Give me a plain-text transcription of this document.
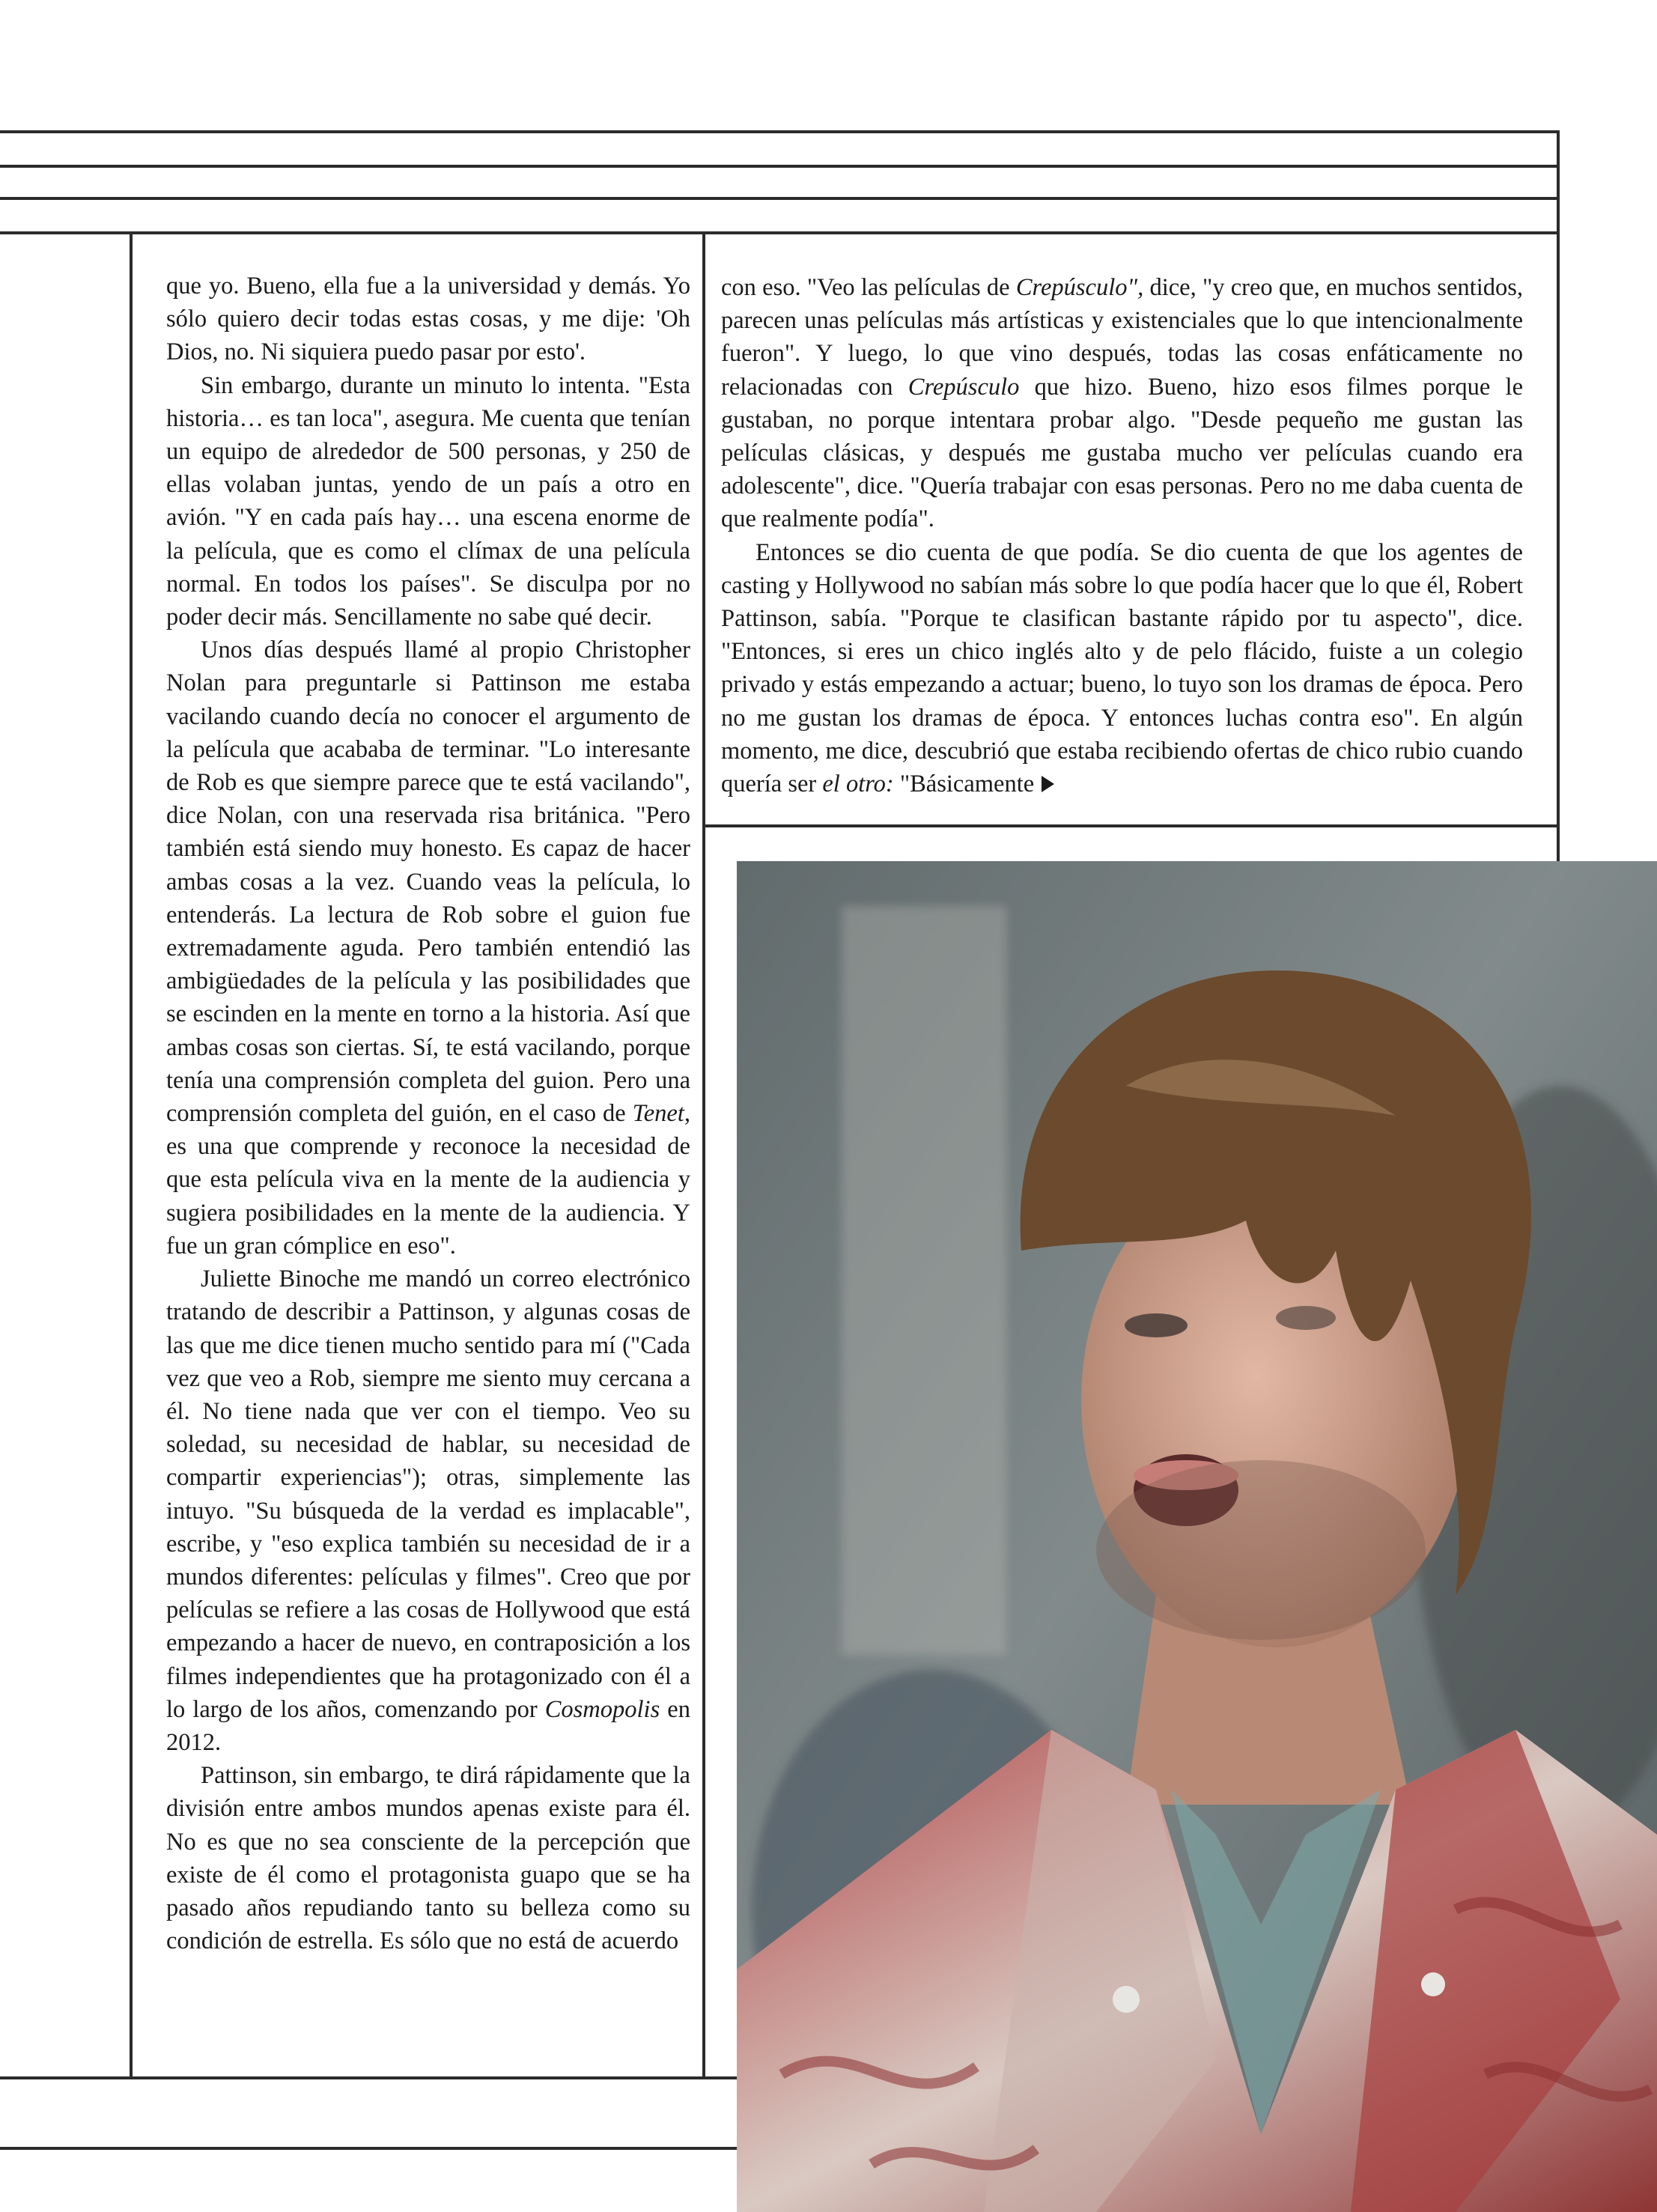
que yo. Bueno, ella fue a la universidad y demás. Yo sólo quiero decir todas estas cosas, y me dije: 'Oh Dios, no. Ni siquiera puedo pasar por esto'.

Sin embargo, durante un minuto lo intenta. "Esta historia… es tan loca", asegura. Me cuenta que tenían un equipo de alrededor de 500 personas, y 250 de ellas volaban juntas, yendo de un país a otro en avión. "Y en cada país hay… una escena enorme de la película, que es como el clímax de una película normal. En todos los países". Se disculpa por no poder decir más. Sencillamente no sabe qué decir.

Unos días después llamé al propio Christopher Nolan para preguntarle si Pattinson me estaba vacilando cuando decía no conocer el argumento de la película que acababa de terminar. "Lo interesante de Rob es que siempre parece que te está vacilando", dice Nolan, con una reservada risa británica. "Pero también está siendo muy honesto. Es capaz de hacer ambas cosas a la vez. Cuando veas la película, lo entenderás. La lectura de Rob sobre el guion fue extremadamente aguda. Pero también entendió las ambigüedades de la película y las posibilidades que se escinden en la mente en torno a la historia. Así que ambas cosas son ciertas. Sí, te está vacilando, porque tenía una comprensión completa del guion. Pero una comprensión completa del guión, en el caso de Tenet, es una que comprende y reconoce la necesidad de que esta película viva en la mente de la audiencia y sugiera posibilidades en la mente de la audiencia. Y fue un gran cómplice en eso".

Juliette Binoche me mandó un correo electrónico tratando de describir a Pattinson, y algunas cosas de las que me dice tienen mucho sentido para mí ("Cada vez que veo a Rob, siempre me siento muy cercana a él. No tiene nada que ver con el tiempo. Veo su soledad, su necesidad de hablar, su necesidad de compartir experiencias"); otras, simplemente las intuyo. "Su búsqueda de la verdad es implacable", escribe, y "eso explica también su necesidad de ir a mundos diferentes: películas y filmes". Creo que por películas se refiere a las cosas de Hollywood que está empezando a hacer de nuevo, en contraposición a los filmes independientes que ha protagonizado con él a lo largo de los años, comenzando por Cosmopolis en 2012.

Pattinson, sin embargo, te dirá rápidamente que la división entre ambos mundos apenas existe para él. No es que no sea consciente de la percepción que existe de él como el protagonista guapo que se ha pasado años repudiando tanto su belleza como su condición de estrella. Es sólo que no está de acuerdo

con eso. "Veo las películas de Crepúsculo", dice, "y creo que, en muchos sentidos, parecen unas películas más artísticas y existenciales que lo que intencionalmente fueron". Y luego, lo que vino después, todas las cosas enfáticamente no relacionadas con Crepúsculo que hizo. Bueno, hizo esos filmes porque le gustaban, no porque intentara probar algo. "Desde pequeño me gustan las películas clásicas, y después me gustaba mucho ver películas cuando era adolescente", dice. "Quería trabajar con esas personas. Pero no me daba cuenta de que realmente podía".

Entonces se dio cuenta de que podía. Se dio cuenta de que los agentes de casting y Hollywood no sabían más sobre lo que podía hacer que lo que él, Robert Pattinson, sabía. "Porque te clasifican bastante rápido por tu aspecto", dice. "Entonces, si eres un chico inglés alto y de pelo flácido, fuiste a un colegio privado y estás empezando a actuar; bueno, lo tuyo son los dramas de época. Pero no me gustan los dramas de época. Y entonces luchas contra eso". En algún momento, me dice, descubrió que estaba recibiendo ofertas de chico rubio cuando quería ser el otro: "Básicamente
